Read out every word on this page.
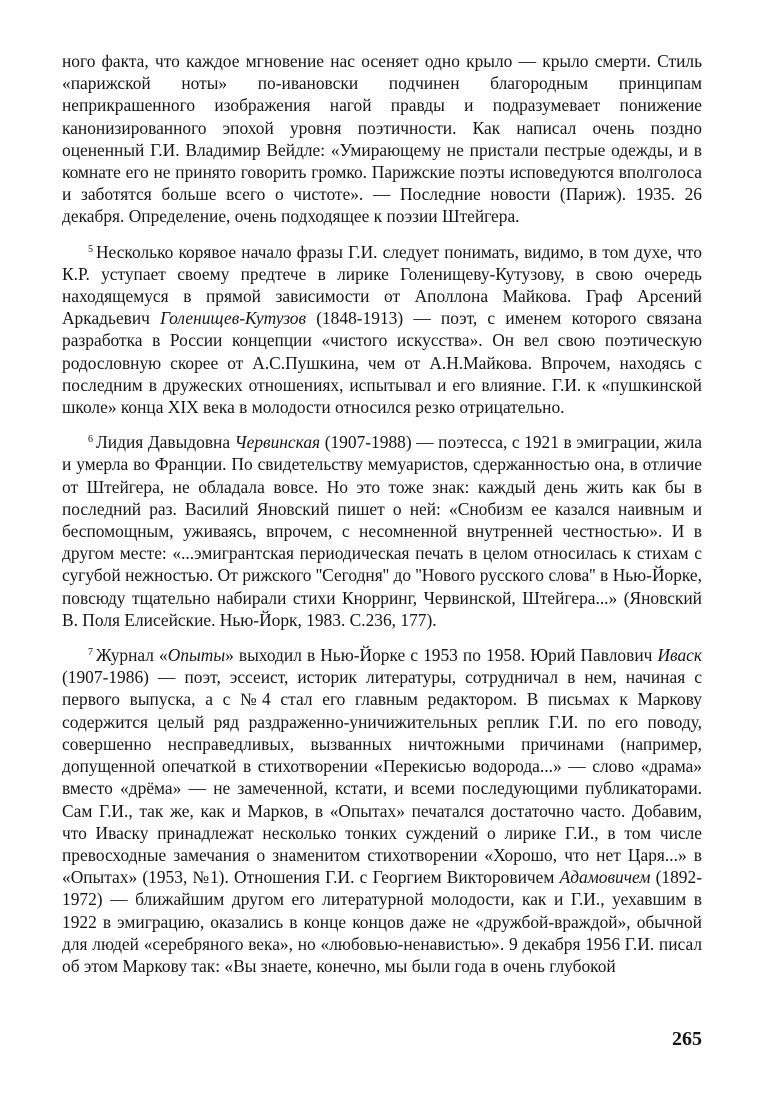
ного факта, что каждое мгновение нас осеняет одно крыло — крыло смерти. Стиль «парижской ноты» по-ивановски подчинен благородным принципам неприкрашенного изображения нагой правды и подразумевает понижение канонизированного эпохой уровня поэтичности. Как написал очень поздно оцененный Г.И. Владимир Вейдле: «Умирающему не пристали пестрые одежды, и в комнате его не принято говорить громко. Парижские поэты исповедуются вполголоса и заботятся больше всего о чистоте». — Последние новости (Париж). 1935. 26 декабря. Определение, очень подходящее к поэзии Штейгера.

$^5$ Несколько корявое начало фразы Г.И. следует понимать, видимо, в том духе, что К.Р. уступает своему предтече в лирике Голенищеву-Кутузову, в свою очередь находящемуся в прямой зависимости от Аполлона Майкова. Граф Арсений Аркадьевич Голенищев-Кутузов (1848-1913) — поэт, с именем которого связана разработка в России концепции «чистого искусства». Он вел свою поэтическую родословную скорее от А.С.Пушкина, чем от А.Н.Майкова. Впрочем, находясь с последним в дружеских отношениях, испытывал и его влияние. Г.И. к «пушкинской школе» конца XIX века в молодости относился резко отрицательно.

$^6$ Лидия Давыдовна Червинская (1907-1988) — поэтесса, с 1921 в эмиграции, жила и умерла во Франции. По свидетельству мемуаристов, сдержанностью она, в отличие от Штейгера, не обладала вовсе. Но это тоже знак: каждый день жить как бы в последний раз. Василий Яновский пишет о ней: «Снобизм ее казался наивным и беспомощным, уживаясь, впрочем, с несомненной внутренней честностью». И в другом месте: «...эмигрантская периодическая печать в целом относилась к стихам с сугубой нежностью. От рижского ''Сегодня'' до ''Нового русского слова'' в Нью-Йорке, повсюду тщательно набирали стихи Кнорринг, Червинской, Штейгера...» (Яновский В. Поля Елисейские. Нью-Йорк, 1983. С.236, 177).

$^7$ Журнал «Опыты» выходил в Нью-Йорке с 1953 по 1958. Юрий Павлович Иваск (1907-1986) — поэт, эссеист, историк литературы, сотрудничал в нем, начиная с первого выпуска, а с №4 стал его главным редактором. В письмах к Маркову содержится целый ряд раздраженно-уничижительных реплик Г.И. по его поводу, совершенно несправедливых, вызванных ничтожными причинами (например, допущенной опечаткой в стихотворении «Перекисью водорода...» — слово «драма» вместо «дрёма» — не замеченной, кстати, и всеми последующими публикаторами. Сам Г.И., так же, как и Марков, в «Опытах» печатался достаточно часто. Добавим, что Иваску принадлежат несколько тонких суждений о лирике Г.И., в том числе превосходные замечания о знаменитом стихотворении «Хорошо, что нет Царя...» в «Опытах» (1953, №1). Отношения Г.И. с Георгием Викторовичем Адамовичем (1892-1972) — ближайшим другом его литературной молодости, как и Г.И., уехавшим в 1922 в эмиграцию, оказались в конце концов даже не «дружбой-враждой», обычной для людей «серебряного века», но «любовью-ненавистью». 9 декабря 1956 Г.И. писал об этом Маркову так: «Вы знаете, конечно, мы были года в очень глубокой

265
